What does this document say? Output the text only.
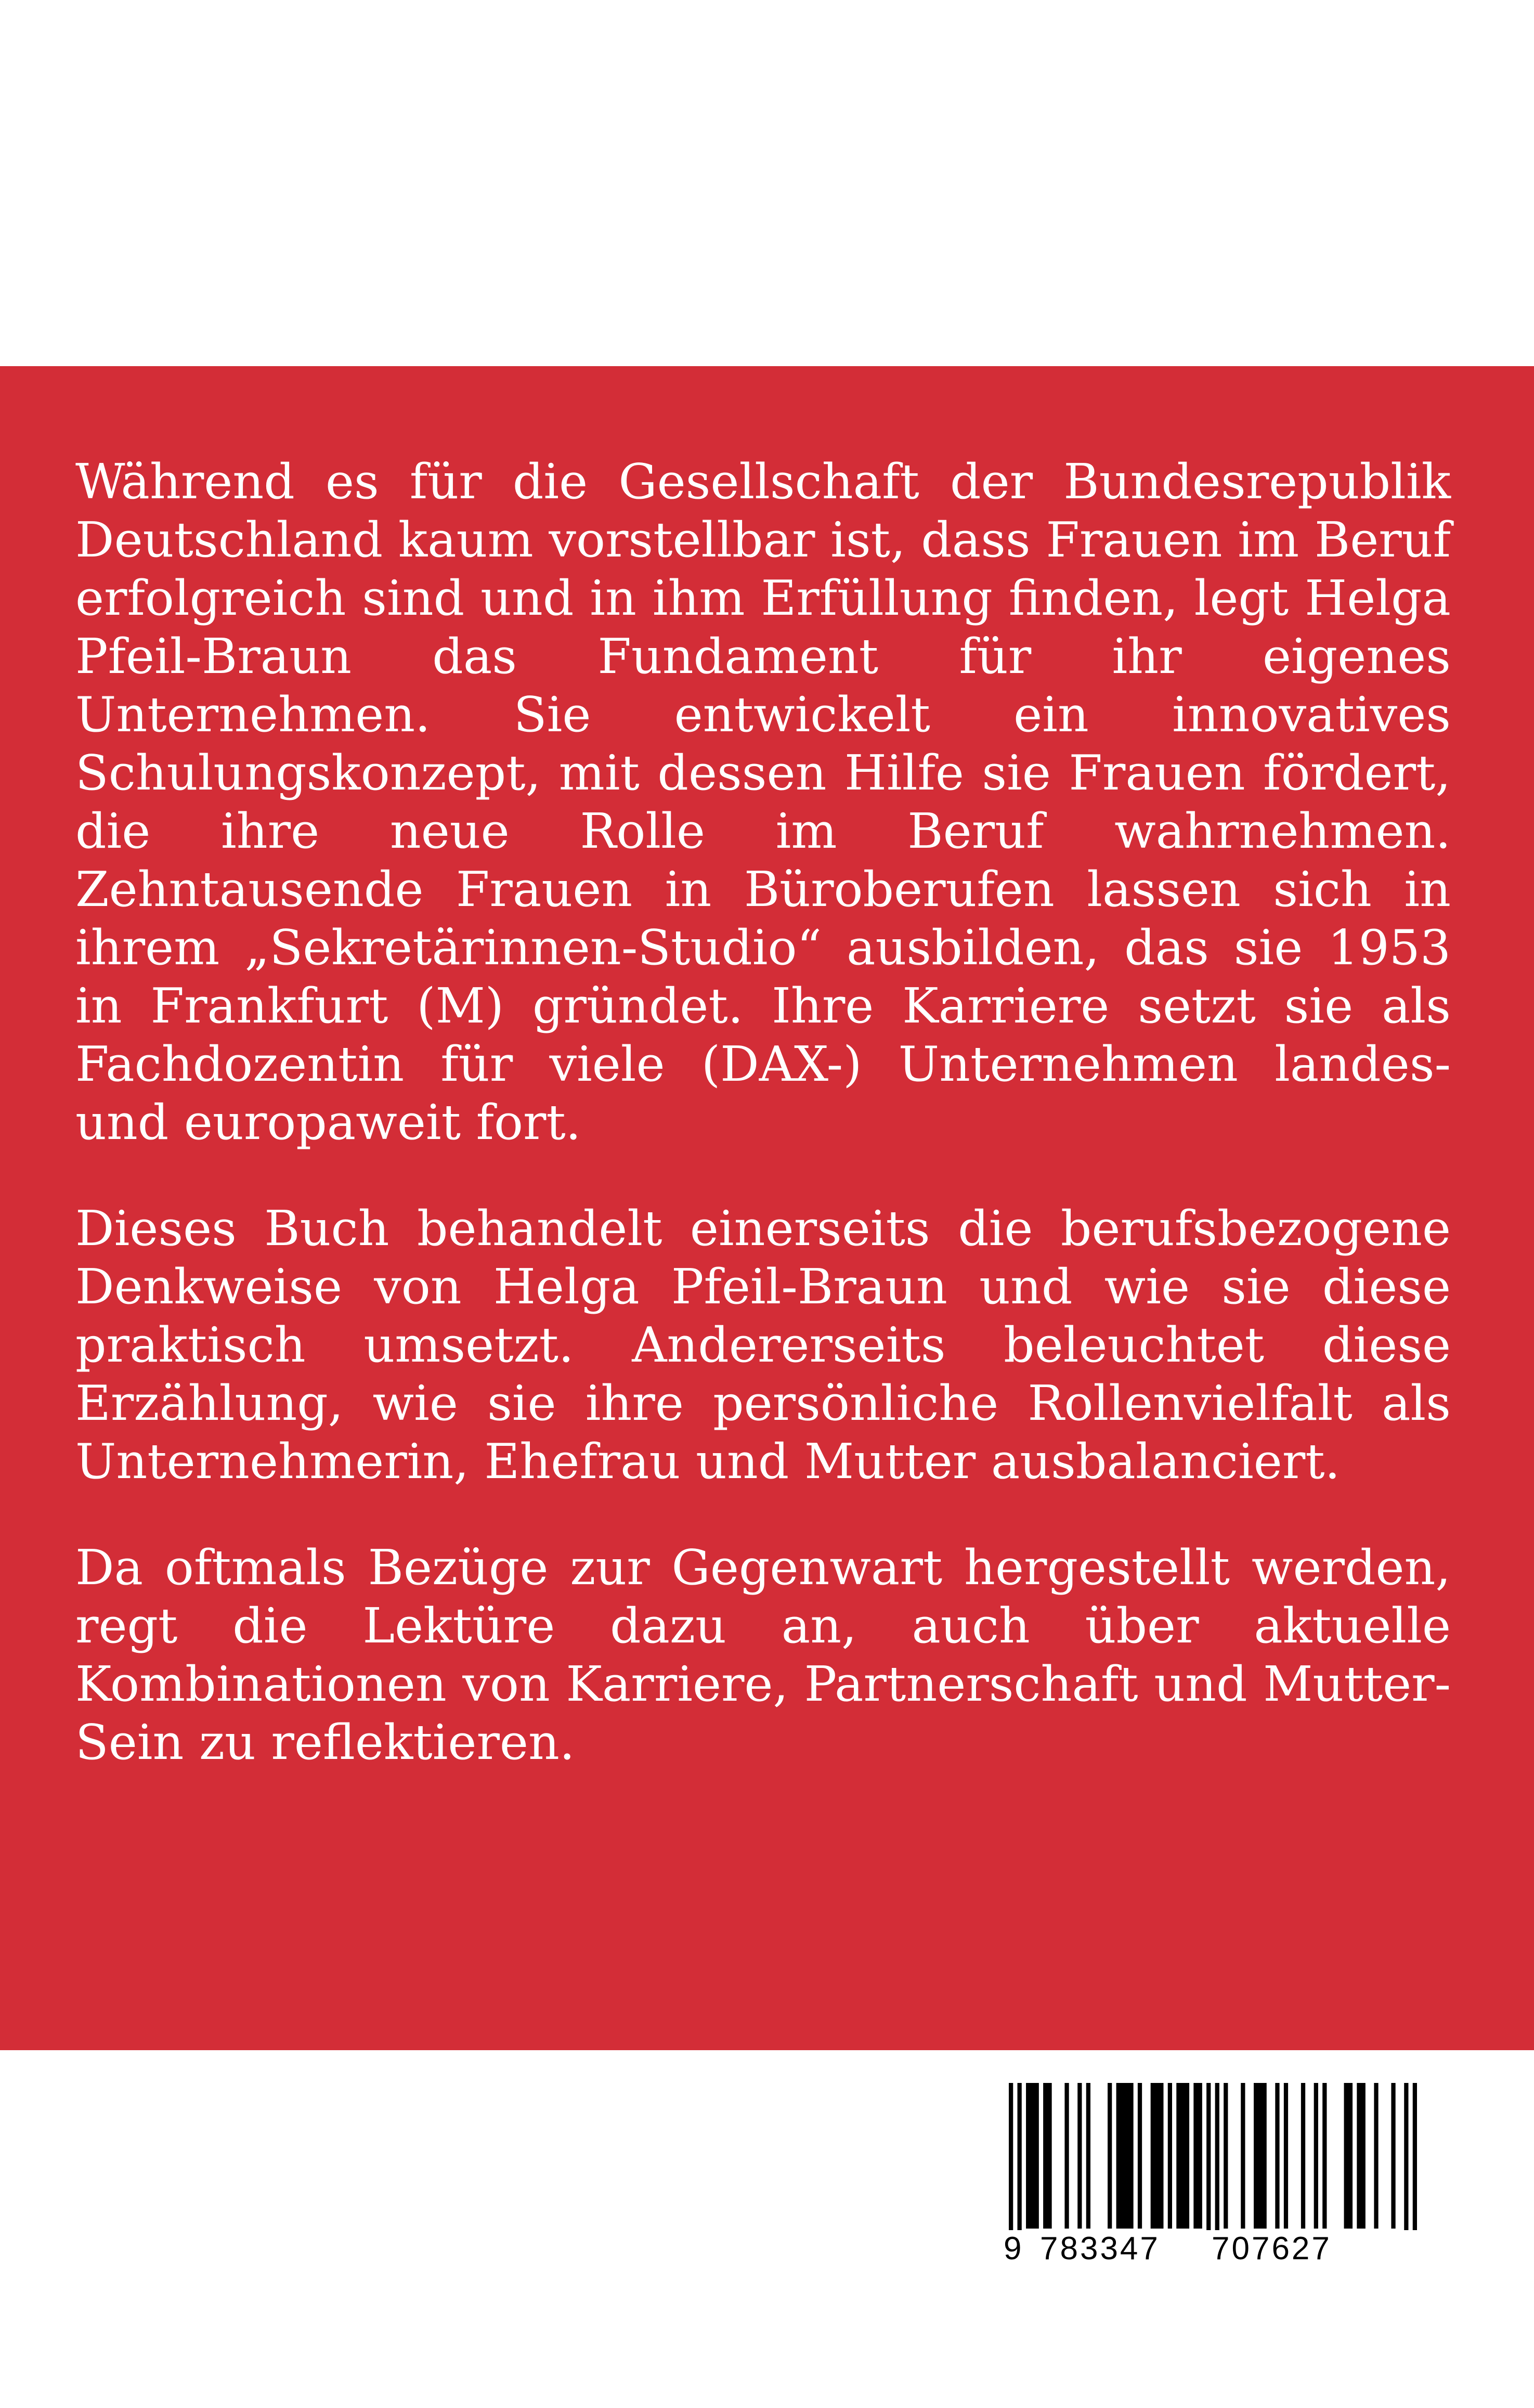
Während es für die Gesellschaft der Bundesrepublik Deutschland kaum vorstellbar ist, dass Frauen im Beruf erfolgreich sind und in ihm Erfüllung finden, legt Helga Pfeil-Braun das Fundament für ihr eigenes Unternehmen. Sie entwickelt ein innovatives Schulungskonzept, mit dessen Hilfe sie Frauen fördert, die ihre neue Rolle im Beruf wahrnehmen. Zehntausende Frauen in Büroberufen lassen sich in ihrem „Sekretärinnen-Studio“ ausbilden, das sie 1953 in Frankfurt (M) gründet. Ihre Karriere setzt sie als Fachdozentin für viele (DAX-) Unternehmen landes- und europaweit fort.

Dieses Buch behandelt einerseits die berufsbezogene Denkweise von Helga Pfeil-Braun und wie sie diese praktisch umsetzt. Andererseits beleuchtet diese Erzählung, wie sie ihre persönliche Rollenvielfalt als Unternehmerin, Ehefrau und Mutter ausbalanciert.

Da oftmals Bezüge zur Gegenwart hergestellt werden, regt die Lektüre dazu an, auch über aktuelle Kombinationen von Karriere, Partnerschaft und Mutter-Sein zu reflektieren.

9 783347 707627
